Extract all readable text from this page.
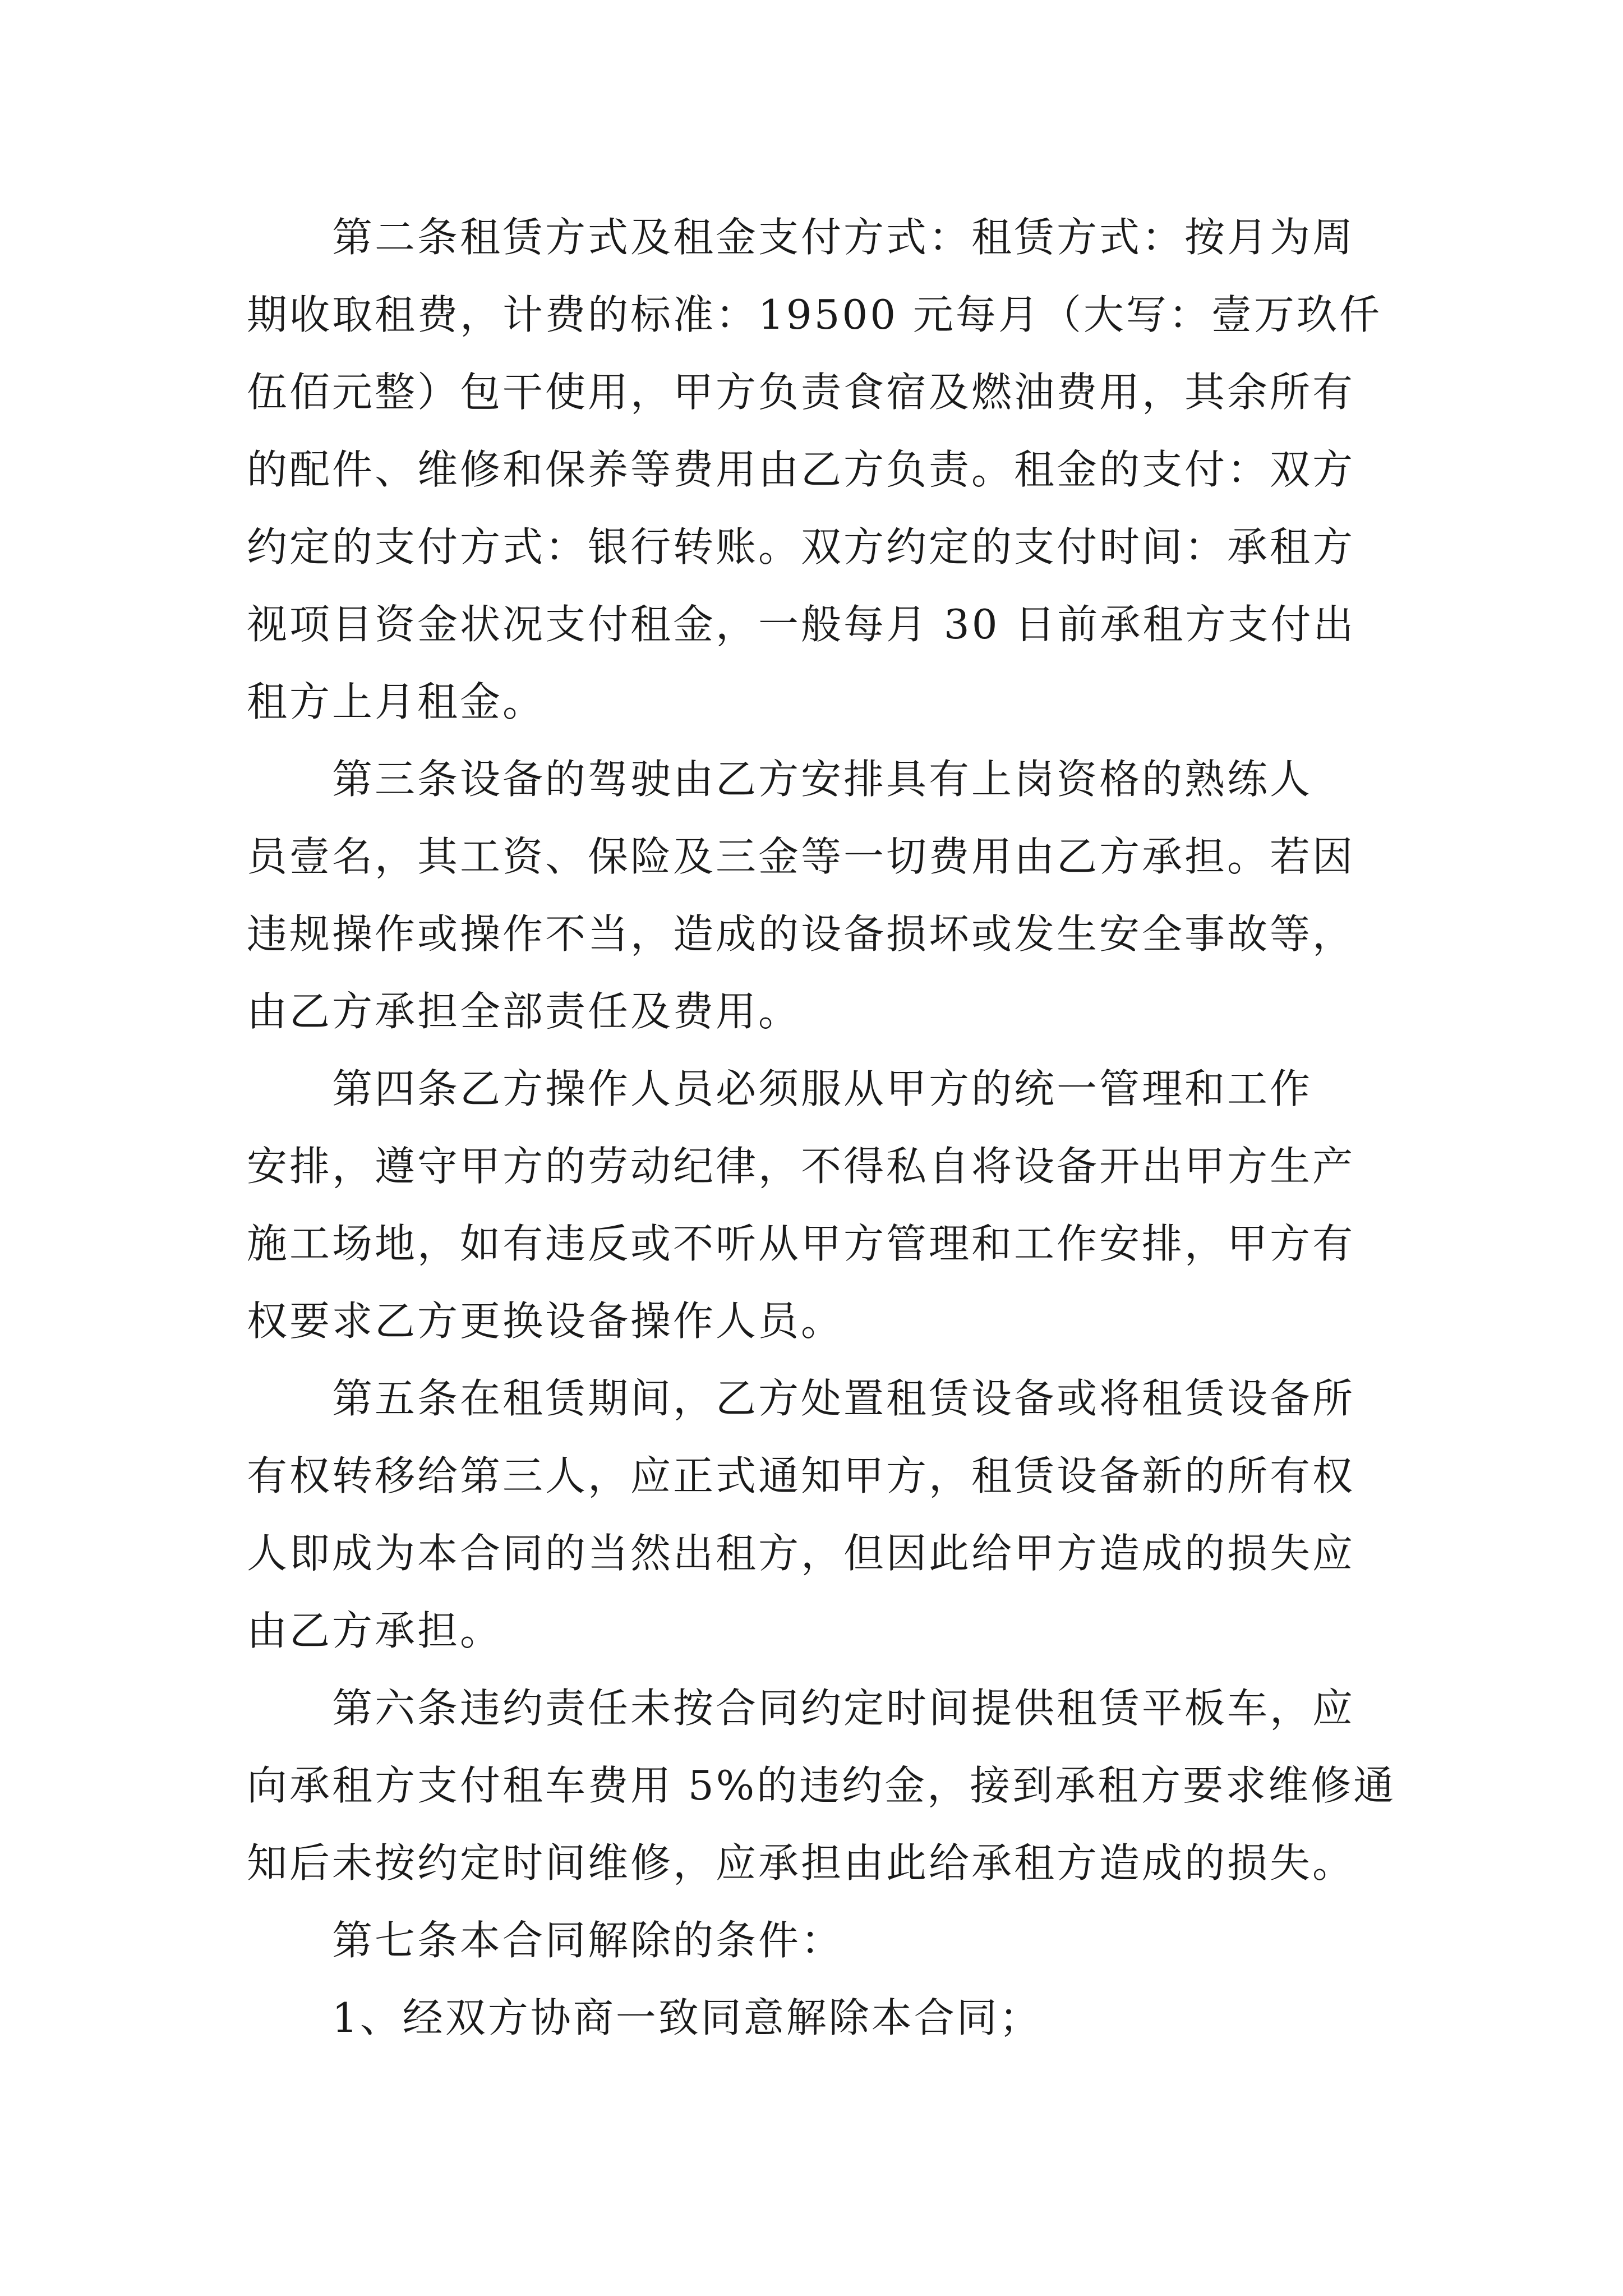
　　第二条租赁方式及租金支付方式：租赁方式：按月为周
期收取租费，计费的标准：19500 元每月（大写：壹万玖仟
伍佰元整）包干使用，甲方负责食宿及燃油费用，其余所有
的配件、维修和保养等费用由乙方负责。租金的支付：双方
约定的支付方式：银行转账。双方约定的支付时间：承租方
视项目资金状况支付租金，一般每月 30 日前承租方支付出
租方上月租金。
　　第三条设备的驾驶由乙方安排具有上岗资格的熟练人
员壹名，其工资、保险及三金等一切费用由乙方承担。若因
违规操作或操作不当，造成的设备损坏或发生安全事故等，
由乙方承担全部责任及费用。
　　第四条乙方操作人员必须服从甲方的统一管理和工作
安排，遵守甲方的劳动纪律，不得私自将设备开出甲方生产
施工场地，如有违反或不听从甲方管理和工作安排，甲方有
权要求乙方更换设备操作人员。
　　第五条在租赁期间，乙方处置租赁设备或将租赁设备所
有权转移给第三人，应正式通知甲方，租赁设备新的所有权
人即成为本合同的当然出租方，但因此给甲方造成的损失应
由乙方承担。
　　第六条违约责任未按合同约定时间提供租赁平板车，应
向承租方支付租车费用 5%的违约金，接到承租方要求维修通
知后未按约定时间维修，应承担由此给承租方造成的损失。
　　第七条本合同解除的条件：
　　1、经双方协商一致同意解除本合同；
